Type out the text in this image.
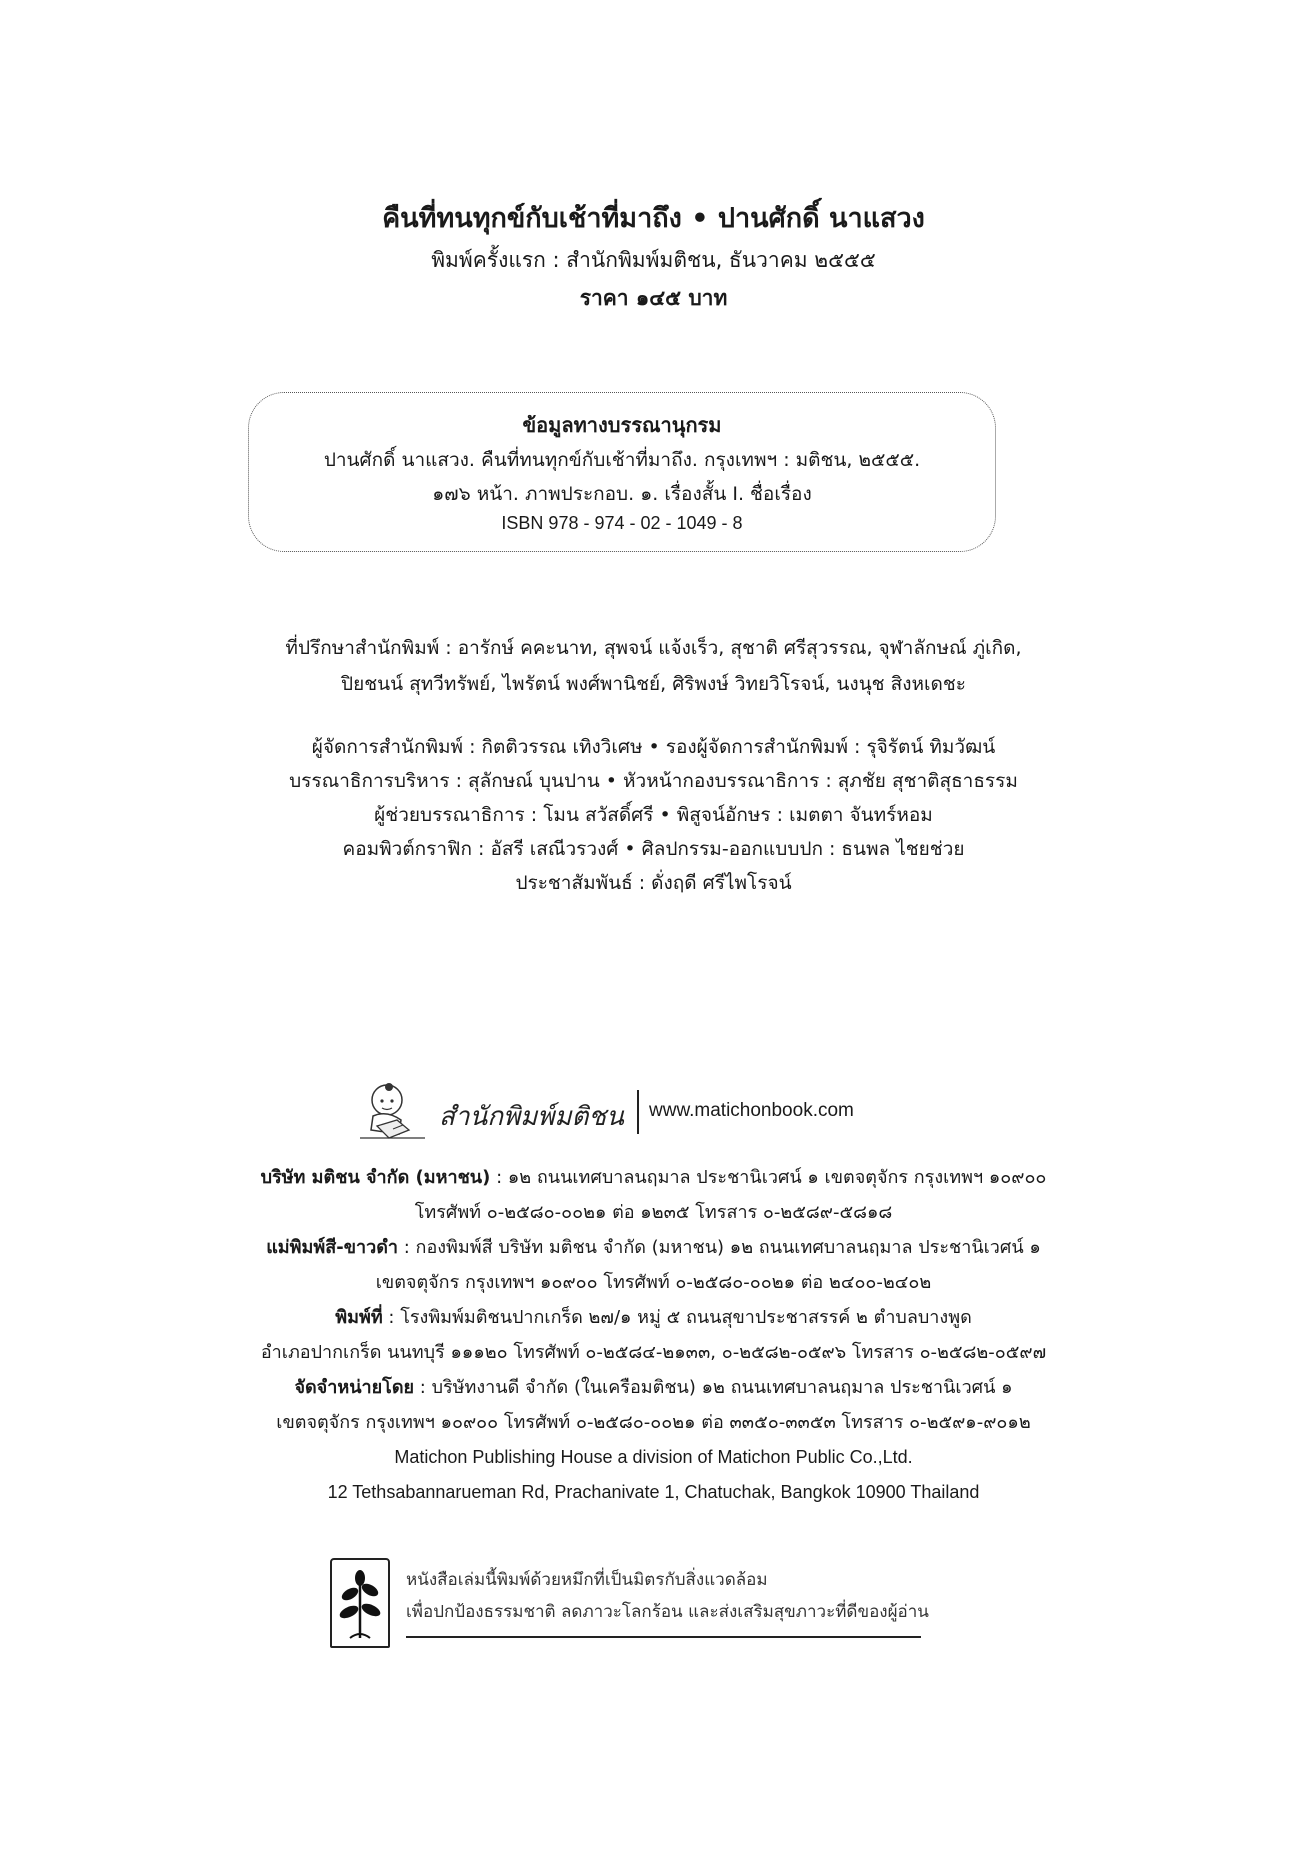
คืนที่ทนทุกข์กับเช้าที่มาถึง • ปานศักดิ์ นาแสวง
พิมพ์ครั้งแรก : สำนักพิมพ์มติชน, ธันวาคม ๒๕๕๕
ราคา ๑๔๕ บาท
ข้อมูลทางบรรณานุกรม
ปานศักดิ์ นาแสวง. คืนที่ทนทุกข์กับเช้าที่มาถึง. กรุงเทพฯ : มติชน, ๒๕๕๕.
๑๗๖ หน้า. ภาพประกอบ. ๑. เรื่องสั้น I. ชื่อเรื่อง
ISBN 978 - 974 - 02 - 1049 - 8
ที่ปรึกษาสำนักพิมพ์ : อารักษ์ คคะนาท, สุพจน์ แจ้งเร็ว, สุชาติ ศรีสุวรรณ, จุฬาลักษณ์ ภู่เกิด,
ปิยชนน์ สุทวีทรัพย์, ไพรัตน์ พงศ์พานิชย์, ศิริพงษ์ วิทยวิโรจน์, นงนุช สิงหเดชะ
ผู้จัดการสำนักพิมพ์ : กิตติวรรณ เทิงวิเศษ • รองผู้จัดการสำนักพิมพ์ : รุจิรัตน์ ทิมวัฒน์
บรรณาธิการบริหาร : สุลักษณ์ บุนปาน • หัวหน้ากองบรรณาธิการ : สุภชัย สุชาติสุธาธรรม
ผู้ช่วยบรรณาธิการ : โมน สวัสดิ์ศรี • พิสูจน์อักษร : เมตตา จันทร์หอม
คอมพิวต์กราฟิก : อัสรี เสณีวรวงศ์ • ศิลปกรรม-ออกแบบปก : ธนพล ไชยช่วย
ประชาสัมพันธ์ : ดั่งฤดี ศรีไพโรจน์
สำนักพิมพ์มติชน www.matichonbook.com
บริษัท มติชน จำกัด (มหาชน) : ๑๒ ถนนเทศบาลนฤมาล ประชานิเวศน์ ๑ เขตจตุจักร กรุงเทพฯ ๑๐๙๐๐
โทรศัพท์ ๐-๒๕๘๐-๐๐๒๑ ต่อ ๑๒๓๕ โทรสาร ๐-๒๕๘๙-๕๘๑๘
แม่พิมพ์สี-ขาวดำ : กองพิมพ์สี บริษัท มติชน จำกัด (มหาชน) ๑๒ ถนนเทศบาลนฤมาล ประชานิเวศน์ ๑
เขตจตุจักร กรุงเทพฯ ๑๐๙๐๐ โทรศัพท์ ๐-๒๕๘๐-๐๐๒๑ ต่อ ๒๔๐๐-๒๔๐๒
พิมพ์ที่ : โรงพิมพ์มติชนปากเกร็ด ๒๗/๑ หมู่ ๕ ถนนสุขาประชาสรรค์ ๒ ตำบลบางพูด
อำเภอปากเกร็ด นนทบุรี ๑๑๑๒๐ โทรศัพท์ ๐-๒๕๘๔-๒๑๓๓, ๐-๒๕๘๒-๐๕๙๖ โทรสาร ๐-๒๕๘๒-๐๕๙๗
จัดจำหน่ายโดย : บริษัทงานดี จำกัด (ในเครือมติชน) ๑๒ ถนนเทศบาลนฤมาล ประชานิเวศน์ ๑
เขตจตุจักร กรุงเทพฯ ๑๐๙๐๐ โทรศัพท์ ๐-๒๕๘๐-๐๐๒๑ ต่อ ๓๓๕๐-๓๓๕๓ โทรสาร ๐-๒๕๙๑-๙๐๑๒
Matichon Publishing House a division of Matichon Public Co.,Ltd.
12 Tethsabannarueman Rd, Prachanivate 1, Chatuchak, Bangkok 10900 Thailand
หนังสือเล่มนี้พิมพ์ด้วยหมึกที่เป็นมิตรกับสิ่งแวดล้อม
เพื่อปกป้องธรรมชาติ ลดภาวะโลกร้อน และส่งเสริมสุขภาวะที่ดีของผู้อ่าน
